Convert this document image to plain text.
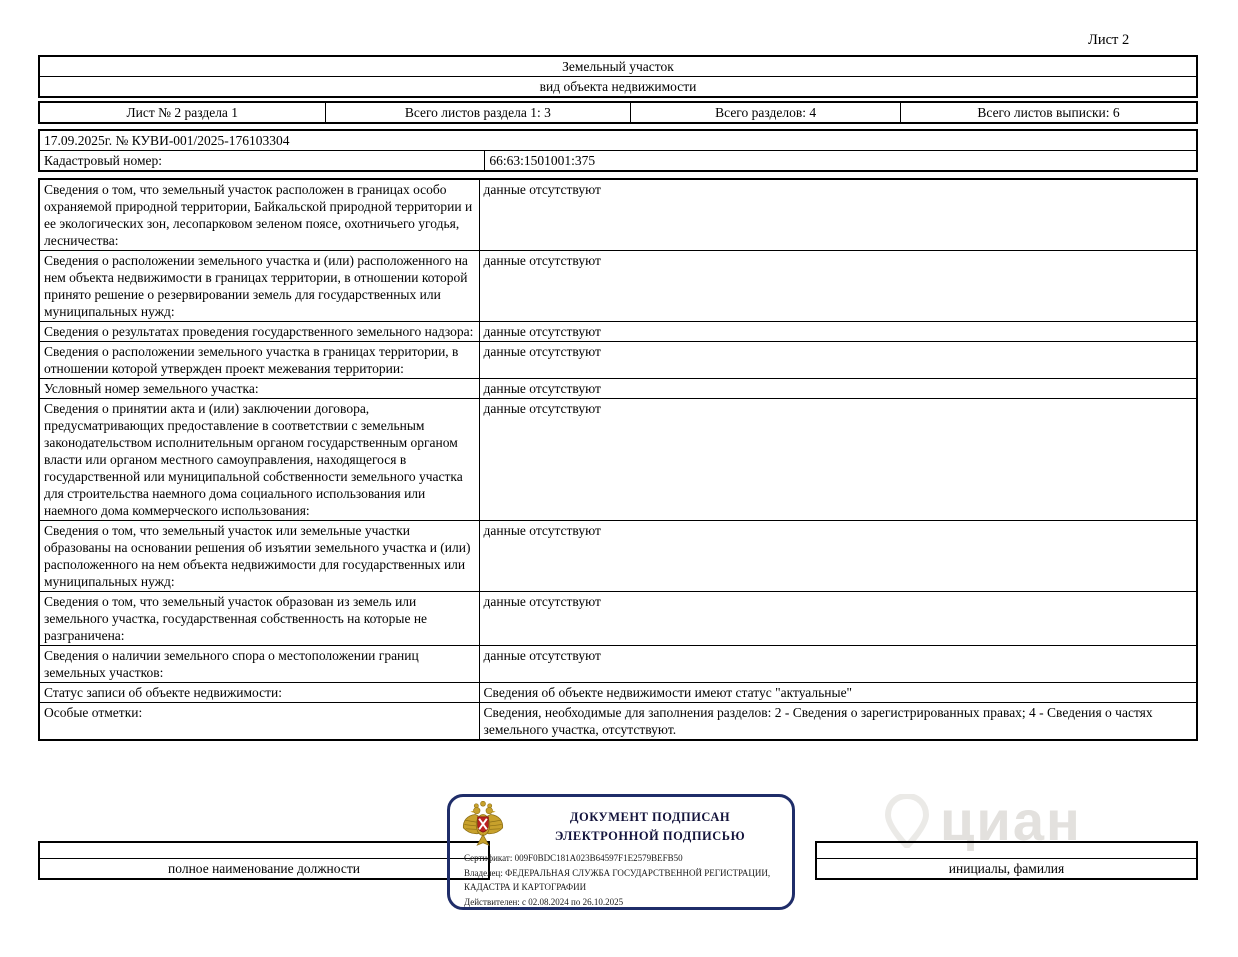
Лист 2
Земельный участок
вид объекта недвижимости
Лист № 2 раздела 1	Всего листов раздела 1: 3	Всего разделов: 4	Всего листов выписки: 6
17.09.2025г. № КУВИ-001/2025-176103304
Кадастровый номер:	66:63:1501001:375
Сведения о том, что земельный участок расположен в границах особо охраняемой природной территории, Байкальской природной территории и ее экологических зон, лесопарковом зеленом поясе, охотничьего угодья, лесничества:	данные отсутствуют
Сведения о расположении земельного участка и (или) расположенного на нем объекта недвижимости в границах территории, в отношении которой принято решение о резервировании земель для государственных или муниципальных нужд:	данные отсутствуют
Сведения о результатах проведения государственного земельного надзора:	данные отсутствуют
Сведения о расположении земельного участка в границах территории, в отношении которой утвержден проект межевания территории:	данные отсутствуют
Условный номер земельного участка:	данные отсутствуют
Сведения о принятии акта и (или) заключении договора, предусматривающих предоставление в соответствии с земельным законодательством исполнительным органом государственным органом власти или органом местного самоуправления, находящегося в государственной или муниципальной собственности земельного участка для строительства наемного дома социального использования или наемного дома коммерческого использования:	данные отсутствуют
Сведения о том, что земельный участок или земельные участки образованы на основании решения об изъятии земельного участка и (или) расположенного на нем объекта недвижимости для государственных или муниципальных нужд:	данные отсутствуют
Сведения о том, что земельный участок образован из земель или земельного участка, государственная собственность на которые не разграничена:	данные отсутствуют
Сведения о наличии земельного спора о местоположении границ земельных участков:	данные отсутствуют
Статус записи об объекте недвижимости:	Сведения об объекте недвижимости имеют статус "актуальные"
Особые отметки:	Сведения, необходимые для заполнения разделов: 2 - Сведения о зарегистрированных правах; 4 - Сведения о частях земельного участка, отсутствуют.
циан

полное наименование должности	инициалы, фамилия
ДОКУМЕНТ ПОДПИСАН
ЭЛЕКТРОННОЙ ПОДПИСЬЮ
Сертификат: 009F0BDC181A023B64597F1E2579BEFB50
Владелец: ФЕДЕРАЛЬНАЯ СЛУЖБА ГОСУДАРСТВЕННОЙ РЕГИСТРАЦИИ, КАДАСТРА И КАРТОГРАФИИ
Действителен: с 02.08.2024 по 26.10.2025
